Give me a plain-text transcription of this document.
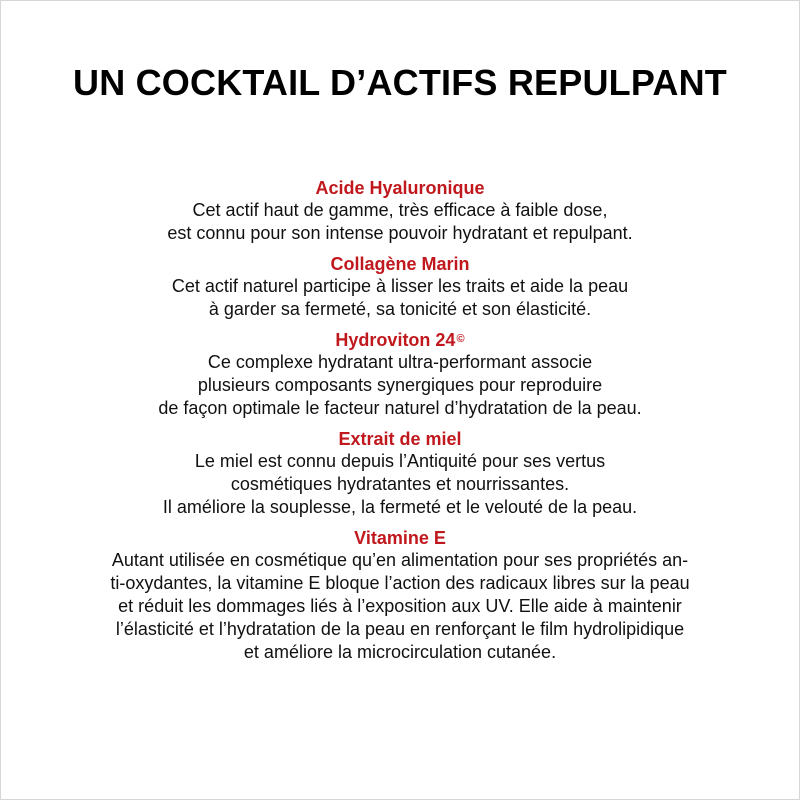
UN COCKTAIL D’ACTIFS REPULPANT
Acide Hyaluronique
Cet actif haut de gamme, très efficace à faible dose,
est connu pour son intense pouvoir hydratant et repulpant.
Collagène Marin
Cet actif naturel participe à lisser les traits et aide la peau
à garder sa fermeté, sa tonicité et son élasticité.
Hydroviton 24©
Ce complexe hydratant ultra-performant associe
plusieurs composants synergiques pour reproduire
de façon optimale le facteur naturel d’hydratation de la peau.
Extrait de miel
Le miel est connu depuis l’Antiquité pour ses vertus
cosmétiques hydratantes et nourrissantes.
Il améliore la souplesse, la fermeté et le velouté de la peau.
Vitamine E
Autant utilisée en cosmétique qu’en alimentation pour ses propriétés an-
ti-oxydantes, la vitamine E bloque l’action des radicaux libres sur la peau
et réduit les dommages liés à l’exposition aux UV. Elle aide à maintenir
l’élasticité et l’hydratation de la peau en renforçant le film hydrolipidique
et améliore la microcirculation cutanée.
